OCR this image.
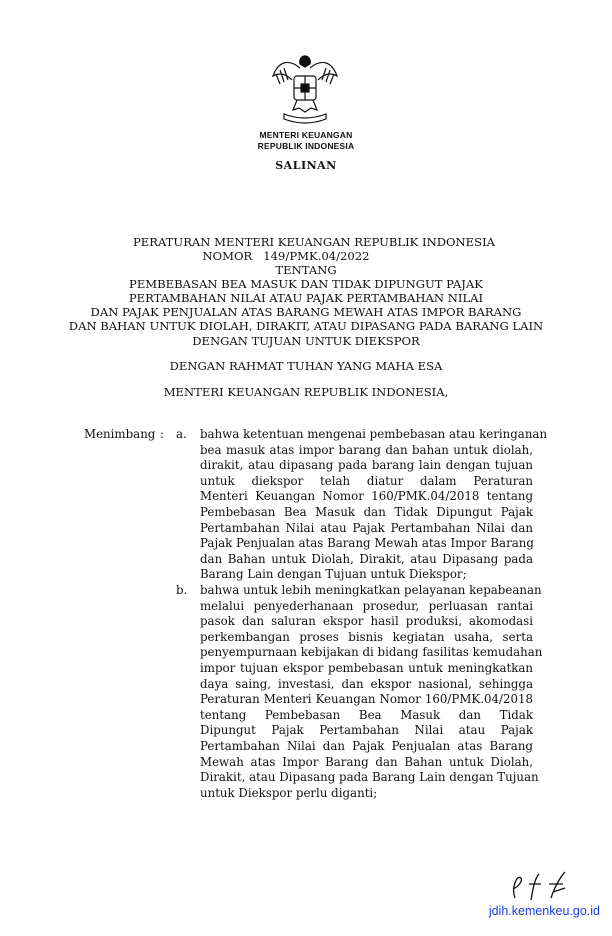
MENTERI KEUANGAN
REPUBLIK INDONESIA
SALINAN
PERATURAN MENTERI KEUANGAN REPUBLIK INDONESIA
NOMOR   149/PMK.04/2022
TENTANG
PEMBEBASAN BEA MASUK DAN TIDAK DIPUNGUT PAJAK
PERTAMBAHAN NILAI ATAU PAJAK PERTAMBAHAN NILAI
DAN PAJAK PENJUALAN ATAS BARANG MEWAH ATAS IMPOR BARANG
DAN BAHAN UNTUK DIOLAH, DIRAKIT, ATAU DIPASANG PADA BARANG LAIN
DENGAN TUJUAN UNTUK DIEKSPOR
DENGAN RAHMAT TUHAN YANG MAHA ESA
MENTERI KEUANGAN REPUBLIK INDONESIA,
Menimbang : a. bahwa ketentuan mengenai pembebasan atau keringanan
bea masuk atas impor barang dan bahan untuk diolah,
dirakit, atau dipasang pada barang lain dengan tujuan
untuk diekspor telah diatur dalam Peraturan
Menteri Keuangan Nomor 160/PMK.04/2018 tentang
Pembebasan Bea Masuk dan Tidak Dipungut Pajak
Pertambahan Nilai atau Pajak Pertambahan Nilai dan
Pajak Penjualan atas Barang Mewah atas Impor Barang
dan Bahan untuk Diolah, Dirakit, atau Dipasang pada
Barang Lain dengan Tujuan untuk Diekspor;
b. bahwa untuk lebih meningkatkan pelayanan kepabeanan
melalui penyederhanaan prosedur, perluasan rantai
pasok dan saluran ekspor hasil produksi, akomodasi
perkembangan proses bisnis kegiatan usaha, serta
penyempurnaan kebijakan di bidang fasilitas kemudahan
impor tujuan ekspor pembebasan untuk meningkatkan
daya saing, investasi, dan ekspor nasional, sehingga
Peraturan Menteri Keuangan Nomor 160/PMK.04/2018
tentang Pembebasan Bea Masuk dan Tidak
Dipungut Pajak Pertambahan Nilai atau Pajak
Pertambahan Nilai dan Pajak Penjualan atas Barang
Mewah atas Impor Barang dan Bahan untuk Diolah,
Dirakit, atau Dipasang pada Barang Lain dengan Tujuan
untuk Diekspor perlu diganti;
jdih.kemenkeu.go.id
